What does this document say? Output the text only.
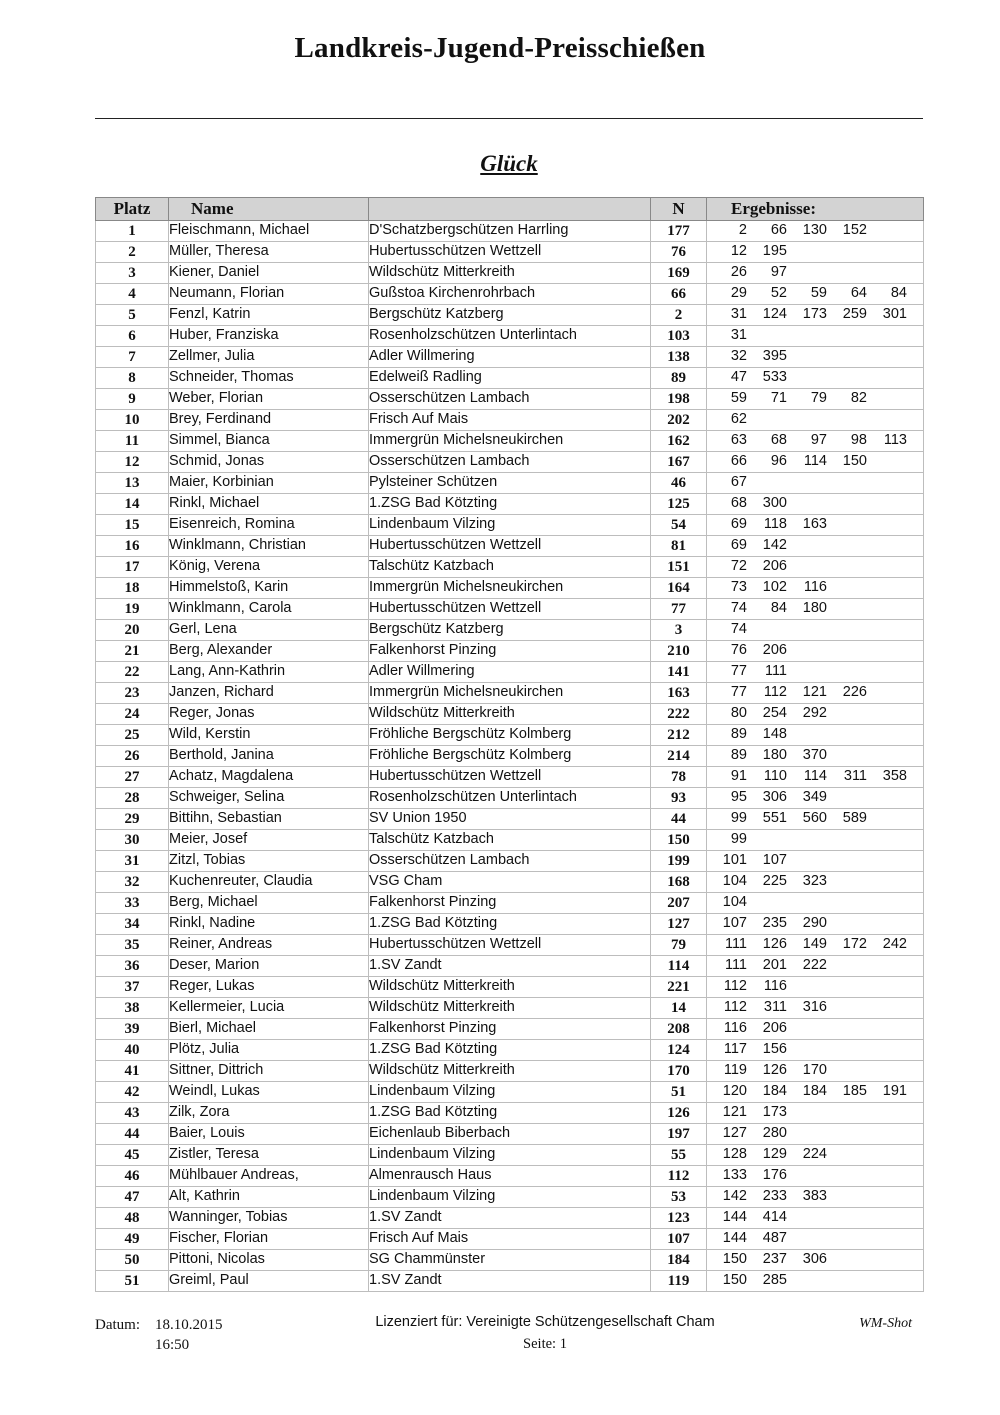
Landkreis-Jugend-Preisschießen
Glück
Platz	Name		N	Ergebnisse:
1	Fleischmann, Michael	D'Schatzbergschützen Harrling	177	2 66 130 152

2	Müller, Theresa	Hubertusschützen Wettzell	76	12 195

3	Kiener, Daniel	Wildschütz Mitterkreith	169	26 97

4	Neumann, Florian	Gußstoa Kirchenrohrbach	66	29 52 59 64 84

5	Fenzl, Katrin	Bergschütz Katzberg	2	31 124 173 259 301

6	Huber, Franziska	Rosenholzschützen Unterlintach	103	31

7	Zellmer, Julia	Adler Willmering	138	32 395

8	Schneider, Thomas	Edelweiß Radling	89	47 533

9	Weber, Florian	Osserschützen Lambach	198	59 71 79 82

10	Brey, Ferdinand	Frisch Auf Mais	202	62

11	Simmel, Bianca	Immergrün Michelsneukirchen	162	63 68 97 98 113

12	Schmid, Jonas	Osserschützen Lambach	167	66 96 114 150

13	Maier, Korbinian	Pylsteiner Schützen	46	67

14	Rinkl, Michael	1.ZSG Bad Kötzting	125	68 300

15	Eisenreich, Romina	Lindenbaum Vilzing	54	69 118 163

16	Winklmann, Christian	Hubertusschützen Wettzell	81	69 142

17	König, Verena	Talschütz Katzbach	151	72 206

18	Himmelstoß, Karin	Immergrün Michelsneukirchen	164	73 102 116

19	Winklmann, Carola	Hubertusschützen Wettzell	77	74 84 180

20	Gerl, Lena	Bergschütz Katzberg	3	74

21	Berg, Alexander	Falkenhorst Pinzing	210	76 206

22	Lang, Ann-Kathrin	Adler Willmering	141	77 111

23	Janzen, Richard	Immergrün Michelsneukirchen	163	77 112 121 226

24	Reger, Jonas	Wildschütz Mitterkreith	222	80 254 292

25	Wild, Kerstin	Fröhliche Bergschütz Kolmberg	212	89 148

26	Berthold, Janina	Fröhliche Bergschütz Kolmberg	214	89 180 370

27	Achatz, Magdalena	Hubertusschützen Wettzell	78	91 110 114 311 358

28	Schweiger, Selina	Rosenholzschützen Unterlintach	93	95 306 349

29	Bittihn, Sebastian	SV Union 1950	44	99 551 560 589

30	Meier, Josef	Talschütz Katzbach	150	99

31	Zitzl, Tobias	Osserschützen Lambach	199	101 107

32	Kuchenreuter, Claudia	VSG Cham	168	104 225 323

33	Berg, Michael	Falkenhorst Pinzing	207	104

34	Rinkl, Nadine	1.ZSG Bad Kötzting	127	107 235 290

35	Reiner, Andreas	Hubertusschützen Wettzell	79	111 126 149 172 242

36	Deser, Marion	1.SV Zandt	114	111 201 222

37	Reger, Lukas	Wildschütz Mitterkreith	221	112 116

38	Kellermeier, Lucia	Wildschütz Mitterkreith	14	112 311 316

39	Bierl, Michael	Falkenhorst Pinzing	208	116 206

40	Plötz, Julia	1.ZSG Bad Kötzting	124	117 156

41	Sittner, Dittrich	Wildschütz Mitterkreith	170	119 126 170

42	Weindl, Lukas	Lindenbaum Vilzing	51	120 184 184 185 191

43	Zilk, Zora	1.ZSG Bad Kötzting	126	121 173

44	Baier, Louis	Eichenlaub Biberbach	197	127 280

45	Zistler, Teresa	Lindenbaum Vilzing	55	128 129 224

46	Mühlbauer Andreas,	Almenrausch Haus	112	133 176

47	Alt, Kathrin	Lindenbaum Vilzing	53	142 233 383

48	Wanninger, Tobias	1.SV Zandt	123	144 414

49	Fischer, Florian	Frisch Auf Mais	107	144 487

50	Pittoni, Nicolas	SG Chammünster	184	150 237 306

51	Greiml, Paul	1.SV Zandt	119	150 285
Datum: 18.10.2015
16:50
Lizenziert für: Vereinigte Schützengesellschaft Cham
Seite: 1
WM-Shot
